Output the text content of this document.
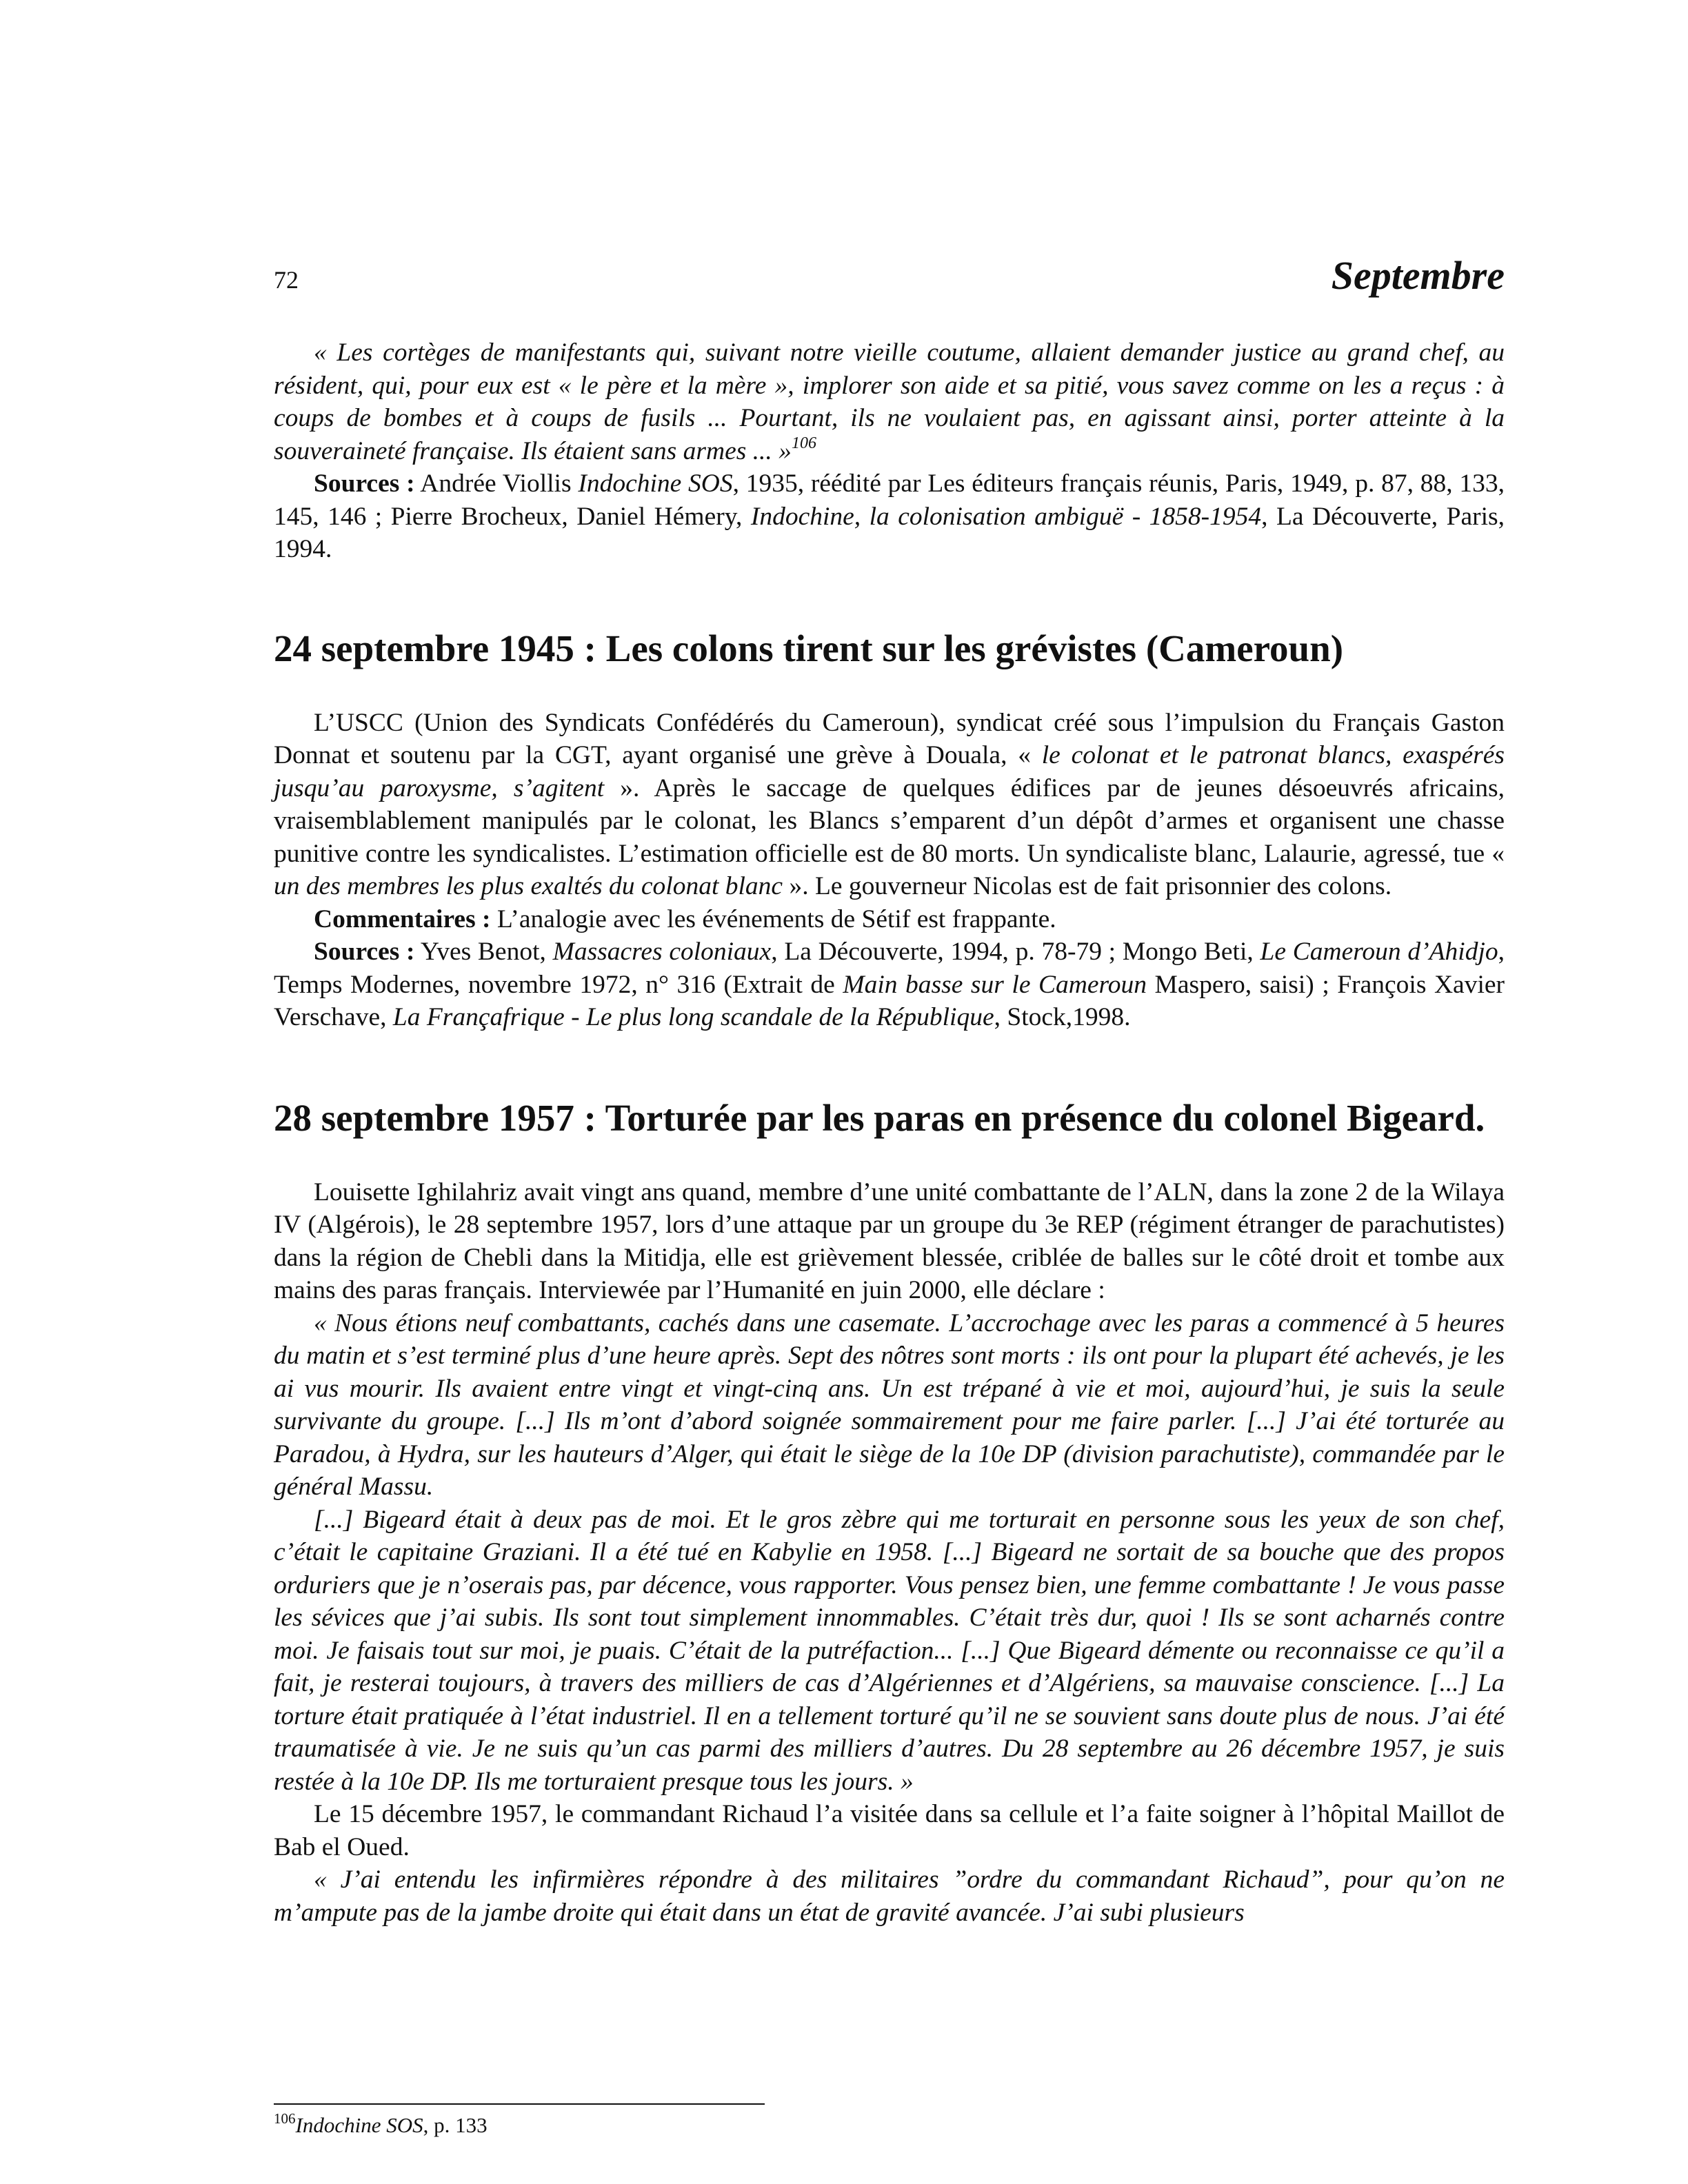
72	Septembre

« Les cortèges de manifestants qui, suivant notre vieille coutume, allaient demander justice au grand chef, au résident, qui, pour eux est « le père et la mère », implorer son aide et sa pitié, vous savez comme on les a reçus : à coups de bombes et à coups de fusils ... Pourtant, ils ne voulaient pas, en agissant ainsi, porter atteinte à la souveraineté française. Ils étaient sans armes ... »$^{106}$

Sources : Andrée Viollis Indochine SOS, 1935, réédité par Les éditeurs français réunis, Paris, 1949, p. 87, 88, 133, 145, 146 ; Pierre Brocheux, Daniel Hémery, Indochine, la colonisation ambiguë - 1858-1954, La Découverte, Paris, 1994.

24 septembre 1945 : Les colons tirent sur les grévistes (Cameroun)

L’USCC (Union des Syndicats Confédérés du Cameroun), syndicat créé sous l’impulsion du Français Gaston Donnat et soutenu par la CGT, ayant organisé une grève à Douala, « le colonat et le patronat blancs, exaspérés jusqu’au paroxysme, s’agitent ». Après le saccage de quelques édifices par de jeunes désoeuvrés africains, vraisemblablement manipulés par le colonat, les Blancs s’emparent d’un dépôt d’armes et organisent une chasse punitive contre les syndicalistes. L’estimation officielle est de 80 morts. Un syndicaliste blanc, Lalaurie, agressé, tue « un des membres les plus exaltés du colonat blanc ». Le gouverneur Nicolas est de fait prisonnier des colons.

Commentaires : L’analogie avec les événements de Sétif est frappante.

Sources : Yves Benot, Massacres coloniaux, La Découverte, 1994, p. 78-79 ; Mongo Beti, Le Cameroun d’Ahidjo, Temps Modernes, novembre 1972, n° 316 (Extrait de Main basse sur le Cameroun Maspero, saisi) ; François Xavier Verschave, La Françafrique - Le plus long scandale de la République, Stock,1998.

28 septembre 1957 : Torturée par les paras en présence du colonel Bigeard.

Louisette Ighilahriz avait vingt ans quand, membre d’une unité combattante de l’ALN, dans la zone 2 de la Wilaya IV (Algérois), le 28 septembre 1957, lors d’une attaque par un groupe du 3e REP (régiment étranger de parachutistes) dans la région de Chebli dans la Mitidja, elle est grièvement blessée, criblée de balles sur le côté droit et tombe aux mains des paras français. Interviewée par l’Humanité en juin 2000, elle déclare :

« Nous étions neuf combattants, cachés dans une casemate. L’accrochage avec les paras a commencé à 5 heures du matin et s’est terminé plus d’une heure après. Sept des nôtres sont morts : ils ont pour la plupart été achevés, je les ai vus mourir. Ils avaient entre vingt et vingt-cinq ans. Un est trépané à vie et moi, aujourd’hui, je suis la seule survivante du groupe. [...] Ils m’ont d’abord soignée sommairement pour me faire parler. [...] J’ai été torturée au Paradou, à Hydra, sur les hauteurs d’Alger, qui était le siège de la 10e DP (division parachutiste), commandée par le général Massu.

[...] Bigeard était à deux pas de moi. Et le gros zèbre qui me torturait en personne sous les yeux de son chef, c’était le capitaine Graziani. Il a été tué en Kabylie en 1958. [...] Bigeard ne sortait de sa bouche que des propos orduriers que je n’oserais pas, par décence, vous rapporter. Vous pensez bien, une femme combattante ! Je vous passe les sévices que j’ai subis. Ils sont tout simplement innommables. C’était très dur, quoi ! Ils se sont acharnés contre moi. Je faisais tout sur moi, je puais. C’était de la putréfaction... [...] Que Bigeard démente ou reconnaisse ce qu’il a fait, je resterai toujours, à travers des milliers de cas d’Algériennes et d’Algériens, sa mauvaise conscience. [...] La torture était pratiquée à l’état industriel. Il en a tellement torturé qu’il ne se souvient sans doute plus de nous. J’ai été traumatisée à vie. Je ne suis qu’un cas parmi des milliers d’autres. Du 28 septembre au 26 décembre 1957, je suis restée à la 10e DP. Ils me torturaient presque tous les jours. »

Le 15 décembre 1957, le commandant Richaud l’a visitée dans sa cellule et l’a faite soigner à l’hôpital Maillot de Bab el Oued.

« J’ai entendu les infirmières répondre à des militaires ”ordre du commandant Richaud”, pour qu’on ne m’ampute pas de la jambe droite qui était dans un état de gravité avancée. J’ai subi plusieurs

$^{106}$Indochine SOS, p. 133
